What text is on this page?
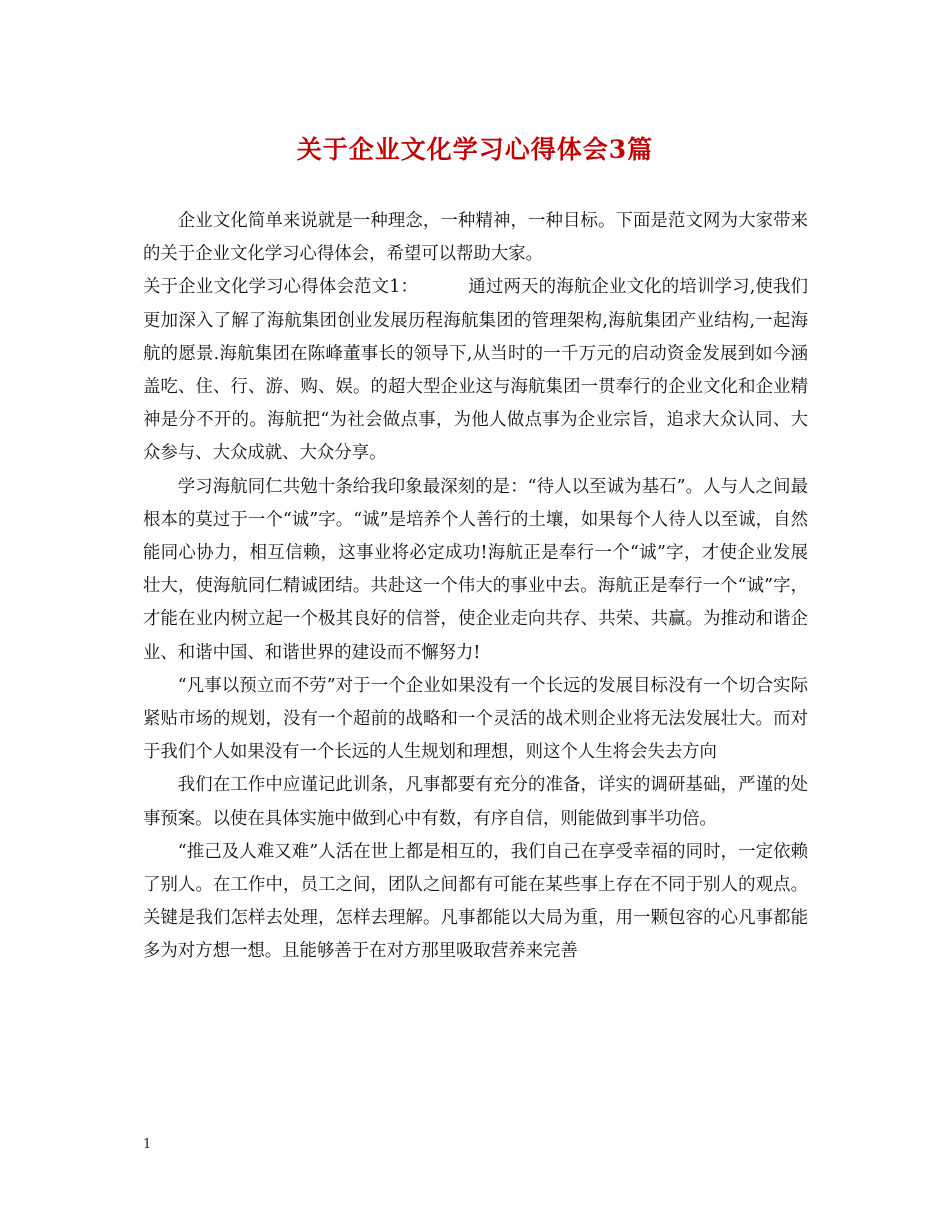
关于企业文化学习心得体会3篇

企业文化简单来说就是一种理念，一种精神，一种目标。下面是范文网为大家带来的关于企业文化学习心得体会，希望可以帮助大家。

关于企业文化学习心得体会范文1：	通过两天的海航企业文化的培训学习,使我们更加深入了解了海航集团创业发展历程海航集团的管理架构,海航集团产业结构,一起海航的愿景.海航集团在陈峰董事长的领导下,从当时的一千万元的启动资金发展到如今涵盖吃、住、行、游、购、娱。的超大型企业这与海航集团一贯奉行的企业文化和企业精神是分不开的。海航把“为社会做点事，为他人做点事为企业宗旨，追求大众认同、大众参与、大众成就、大众分享。

学习海航同仁共勉十条给我印象最深刻的是：“待人以至诚为基石”。人与人之间最根本的莫过于一个“诚”字。“诚”是培养个人善行的土壤，如果每个人待人以至诚，自然能同心协力，相互信赖，这事业将必定成功!海航正是奉行一个“诚”字，才使企业发展壮大，使海航同仁精诚团结。共赴这一个伟大的事业中去。海航正是奉行一个“诚”字，才能在业内树立起一个极其良好的信誉，使企业走向共存、共荣、共赢。为推动和谐企业、和谐中国、和谐世界的建设而不懈努力!

“凡事以预立而不劳”对于一个企业如果没有一个长远的发展目标没有一个切合实际紧贴市场的规划，没有一个超前的战略和一个灵活的战术则企业将无法发展壮大。而对于我们个人如果没有一个长远的人生规划和理想，则这个人生将会失去方向

我们在工作中应谨记此训条，凡事都要有充分的准备，详实的调研基础，严谨的处事预案。以使在具体实施中做到心中有数，有序自信，则能做到事半功倍。

“推己及人难又难”人活在世上都是相互的，我们自己在享受幸福的同时，一定依赖了别人。在工作中，员工之间，团队之间都有可能在某些事上存在不同于别人的观点。关键是我们怎样去处理，怎样去理解。凡事都能以大局为重，用一颗包容的心凡事都能多为对方想一想。且能够善于在对方那里吸取营养来完善

1
